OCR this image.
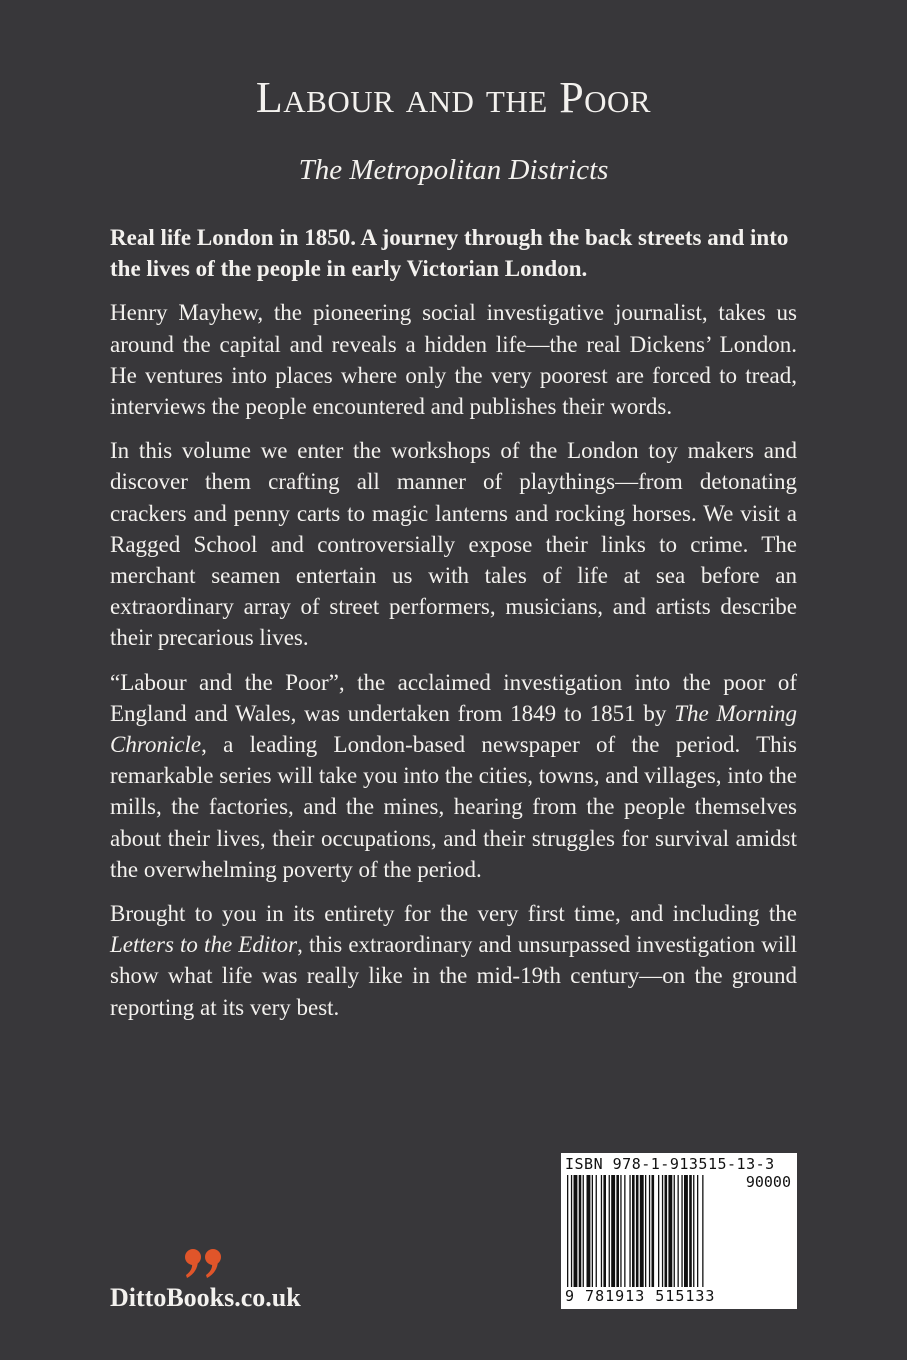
Labour and the Poor
The Metropolitan Districts

Real life London in 1850. A journey through the back streets and into the lives of the people in early Victorian London.

Henry Mayhew, the pioneering social investigative journalist, takes us around the capital and reveals a hidden life—the real Dickens’ London. He ventures into places where only the very poorest are forced to tread, interviews the people encountered and publishes their words.

In this volume we enter the workshops of the London toy makers and discover them crafting all manner of playthings—from detonating crackers and penny carts to magic lanterns and rocking horses. We visit a Ragged School and controversially expose their links to crime. The merchant seamen entertain us with tales of life at sea before an extraordinary array of street performers, musicians, and artists describe their precarious lives.

“Labour and the Poor”, the acclaimed investigation into the poor of England and Wales, was undertaken from 1849 to 1851 by The Morning Chronicle, a leading London-based newspaper of the period. This remarkable series will take you into the cities, towns, and villages, into the mills, the factories, and the mines, hearing from the people themselves about their lives, their occupations, and their struggles for survival amidst the overwhelming poverty of the period.

Brought to you in its entirety for the very first time, and including the Letters to the Editor, this extraordinary and unsurpassed investigation will show what life was really like in the mid-19th century—on the ground reporting at its very best.

ISBN 978-1-913515-13-3
90000
9 781913 515133
DittoBooks.co.uk
